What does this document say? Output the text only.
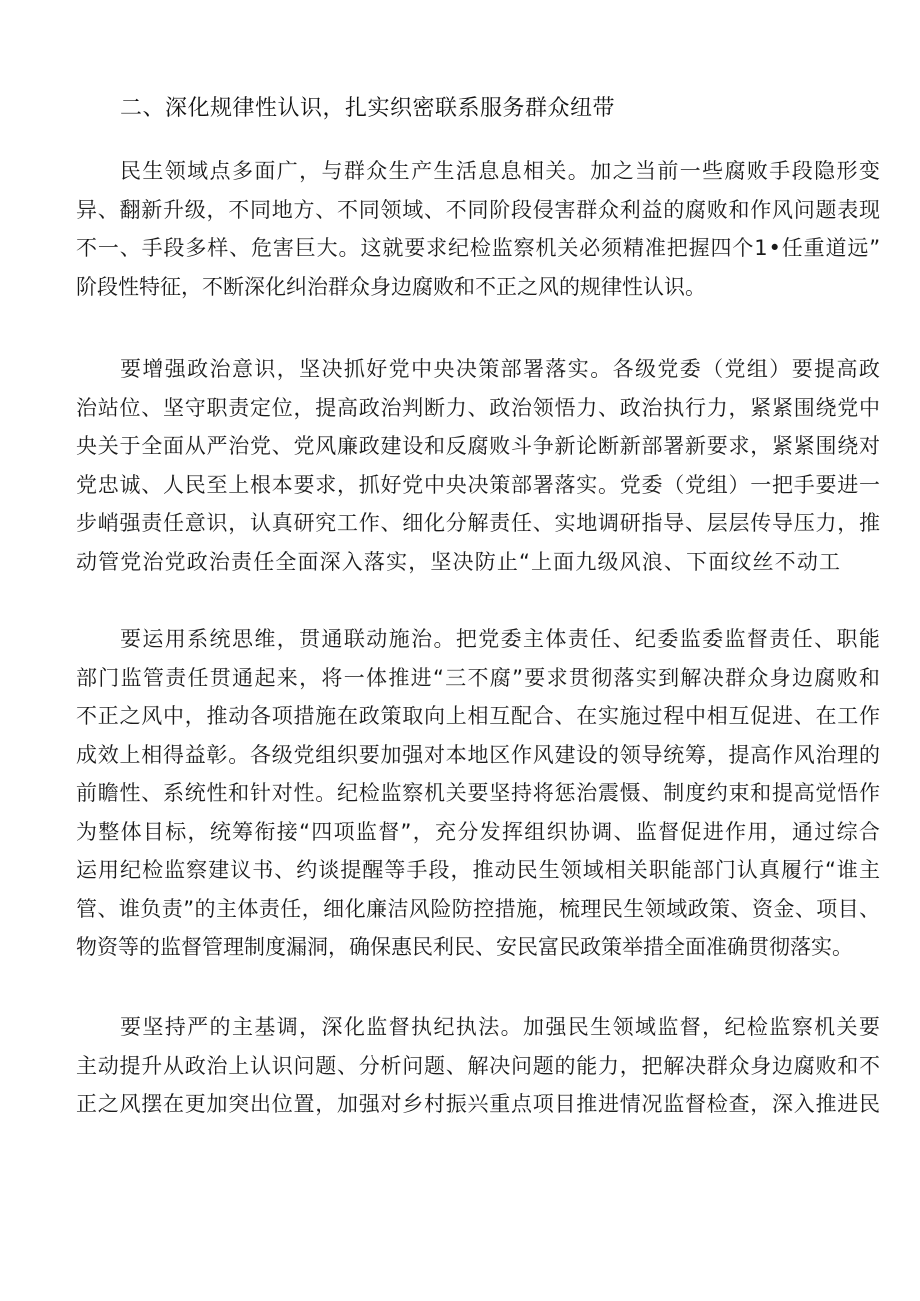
二、深化规律性认识，扎实织密联系服务群众纽带
民生领域点多面广，与群众生产生活息息相关。加之当前一些腐败手段隐形变
异、翻新升级，不同地方、不同领域、不同阶段侵害群众利益的腐败和作风问题表现
不一、手段多样、危害巨大。这就要求纪检监察机关必须精准把握四个1•任重道远”
阶段性特征，不断深化纠治群众身边腐败和不正之风的规律性认识。
要增强政治意识，坚决抓好党中央决策部署落实。各级党委（党组）要提高政
治站位、坚守职责定位，提高政治判断力、政治领悟力、政治执行力，紧紧围绕党中
央关于全面从严治党、党风廉政建设和反腐败斗争新论断新部署新要求，紧紧围绕对
党忠诚、人民至上根本要求，抓好党中央决策部署落实。党委（党组）一把手要进一
步峭强责任意识，认真研究工作、细化分解责任、实地调研指导、层层传导压力，推
动管党治党政治责任全面深入落实，坚决防止“上面九级风浪、下面纹丝不动工
要运用系统思维，贯通联动施治。把党委主体责任、纪委监委监督责任、职能
部门监管责任贯通起来，将一体推进“三不腐”要求贯彻落实到解决群众身边腐败和
不正之风中，推动各项措施在政策取向上相互配合、在实施过程中相互促进、在工作
成效上相得益彰。各级党组织要加强对本地区作风建设的领导统筹，提高作风治理的
前瞻性、系统性和针对性。纪检监察机关要坚持将惩治震慑、制度约束和提高觉悟作
为整体目标，统筹衔接“四项监督”，充分发挥组织协调、监督促进作用，通过综合
运用纪检监察建议书、约谈提醒等手段，推动民生领域相关职能部门认真履行“谁主
管、谁负责”的主体责任，细化廉洁风险防控措施，梳理民生领域政策、资金、项目、
物资等的监督管理制度漏洞，确保惠民利民、安民富民政策举措全面准确贯彻落实。
要坚持严的主基调，深化监督执纪执法。加强民生领域监督，纪检监察机关要
主动提升从政治上认识问题、分析问题、解决问题的能力，把解决群众身边腐败和不
正之风摆在更加突出位置，加强对乡村振兴重点项目推进情况监督检查，深入推进民
